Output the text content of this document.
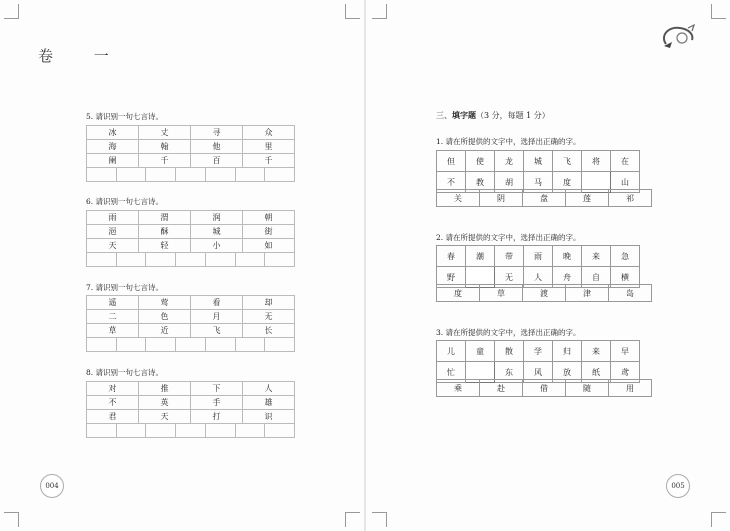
卷 一
5. 请识别一句七言诗。
冰	丈	寻	众
海	翰	他	里
阑	千	百	千

6. 请识别一句七言诗。
雨	渭	润	朝
浥	酥	城	街
天	轻	小	如

7. 请识别一句七言诗。
遥	莺	看	却
二	色	月	无
草	近	飞	长

8. 请识别一句七言诗。
对	推	下	人
不	英	手	雄
君	天	打	识

004
三、填字题（3 分，每题 1 分）
1. 请在所提供的文字中，选择出正确的字。
但	使	龙	城	飞	将	在
不	教	胡	马	度		山
关	阴	盘	莲	祁
2. 请在所提供的文字中，选择出正确的字。
春	潮	带	雨	晚	来	急
野		无	人	舟	自	横
度	草	渡	津	岛
3. 请在所提供的文字中，选择出正确的字。
儿	童	散	学	归	来	早
忙		东	风	放	纸	鸢
乘	赴	借	随	用
005
